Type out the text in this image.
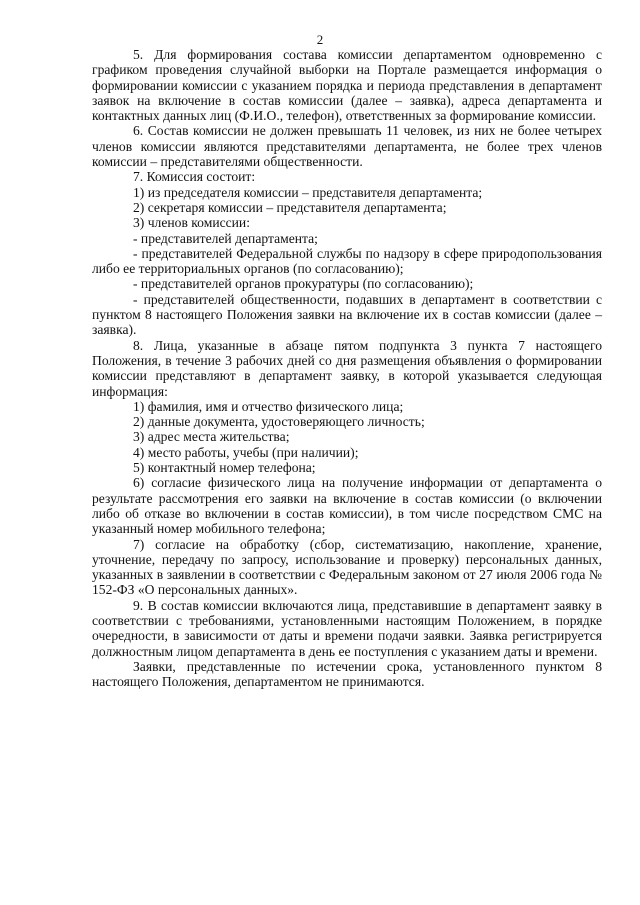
2

5. Для формирования состава комиссии департаментом одновременно с графиком проведения случайной выборки на Портале размещается информация о формировании комиссии с указанием порядка и периода представления в департамент заявок на включение в состав комиссии (далее – заявка), адреса департамента и контактных данных лиц (Ф.И.О., телефон), ответственных за формирование комиссии.

6. Состав комиссии не должен превышать 11 человек, из них не более четырех членов комиссии являются представителями департамента, не более трех членов комиссии – представителями общественности.

7. Комиссия состоит:

1) из председателя комиссии – представителя департамента;

2) секретаря комиссии – представителя департамента;

3) членов комиссии:

- представителей департамента;

- представителей Федеральной службы по надзору в сфере природопользования либо ее территориальных органов (по согласованию);

- представителей органов прокуратуры (по согласованию);

- представителей общественности, подавших в департамент в соответствии с пунктом 8 настоящего Положения заявки на включение их в состав комиссии (далее – заявка).

8. Лица, указанные в абзаце пятом подпункта 3 пункта 7 настоящего Положения, в течение 3 рабочих дней со дня размещения объявления о формировании комиссии представляют в департамент заявку, в которой указывается следующая информация:

1) фамилия, имя и отчество физического лица;

2) данные документа, удостоверяющего личность;

3) адрес места жительства;

4) место работы, учебы (при наличии);

5) контактный номер телефона;

6) согласие физического лица на получение информации от департамента о результате рассмотрения его заявки на включение в состав комиссии (о включении либо об отказе во включении в состав комиссии), в том числе посредством СМС на указанный номер мобильного телефона;

7) согласие на обработку (сбор, систематизацию, накопление, хранение, уточнение, передачу по запросу, использование и проверку) персональных данных, указанных в заявлении в соответствии с Федеральным законом от 27 июля 2006 года № 152-ФЗ «О персональных данных».

9. В состав комиссии включаются лица, представившие в департамент заявку в соответствии с требованиями, установленными настоящим Положением, в порядке очередности, в зависимости от даты и времени подачи заявки. Заявка регистрируется должностным лицом департамента в день ее поступления с указанием даты и времени.

Заявки, представленные по истечении срока, установленного пунктом 8 настоящего Положения, департаментом не принимаются.
